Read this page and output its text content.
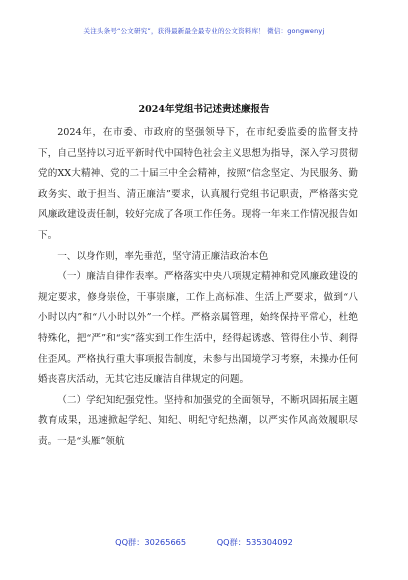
关注头条号“公文研究”，获得最新最全最专业的公文资料库！ 微信：gongwenyj
2024年党组书记述责述廉报告

2024年，在市委、市政府的坚强领导下，在市纪委监委的监督支持下，自己坚持以习近平新时代中国特色社会主义思想为指导，深入学习贯彻党的XX大精神、党的二十届三中全会精神，按照“信念坚定、为民服务、勤政务实、敢于担当、清正廉洁”要求，认真履行党组书记职责，严格落实党风廉政建设责任制，较好完成了各项工作任务。现将一年来工作情况报告如下。

一、以身作则，率先垂范，坚守清正廉洁政治本色

（一）廉洁自律作表率。严格落实中央八项规定精神和党风廉政建设的规定要求，修身崇俭，干事崇廉，工作上高标准、生活上严要求，做到“八小时以内”和“八小时以外”一个样。严格亲属管理，始终保持平常心，杜绝特殊化，把“严”和“实”落实到工作生活中，经得起诱惑、管得住小节、剎得住歪风。严格执行重大事项报告制度，未参与出国境学习考察，未操办任何婚丧喜庆活动，无其它违反廉洁自律规定的问题。

（二）学纪知纪强党性。坚持和加强党的全面领导，不断巩固拓展主题教育成果，迅速掀起学纪、知纪、明纪守纪热潮，以严实作风高效履职尽责。一是“头雁”领航

QQ群：30265665	QQ群：535304092
